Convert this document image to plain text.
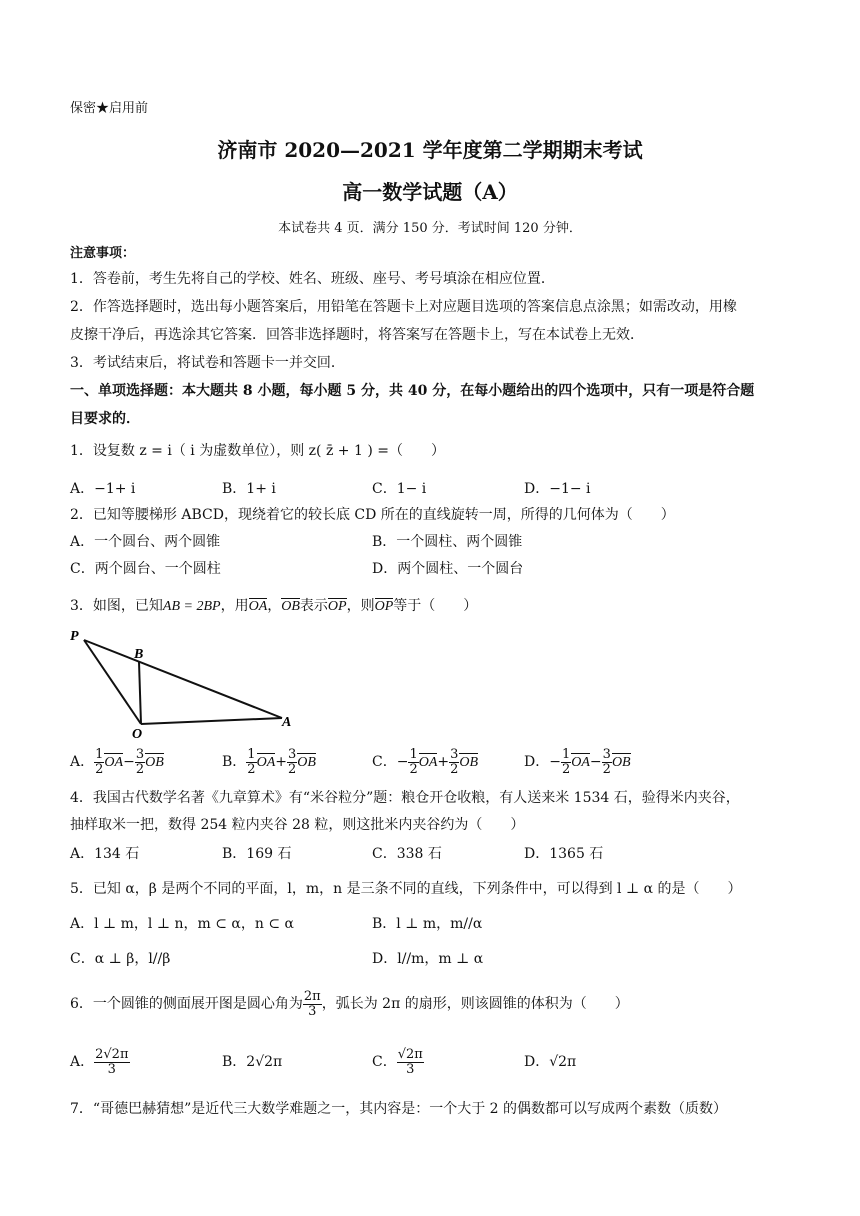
保密★启用前
济南市 2020—2021 学年度第二学期期末考试
高一数学试题（A）
本试卷共 4 页．满分 150 分．考试时间 120 分钟．
注意事项：
1．答卷前，考生先将自己的学校、姓名、班级、座号、考号填涂在相应位置．
2．作答选择题时，选出每小题答案后，用铅笔在答题卡上对应题目选项的答案信息点涂黑；如需改动，用橡
皮擦干净后，再选涂其它答案．回答非选择题时，将答案写在答题卡上，写在本试卷上无效．
3．考试结束后，将试卷和答题卡一并交回．
一、单项选择题：本大题共 8 小题，每小题 5 分，共 40 分，在每小题给出的四个选项中，只有一项是符合题
目要求的．
1．设复数 z = i（ i 为虚数单位），则 z( z̄ + 1 ) =（　　）
A．−1+ i	B．1+ i	C．1− i	D．−1− i
2．已知等腰梯形 ABCD，现绕着它的较长底 CD 所在的直线旋转一周，所得的几何体为（　　）
A．一个圆台、两个圆锥	B．一个圆柱、两个圆锥
C．两个圆台、一个圆柱	D．两个圆柱、一个圆台
3．如图，已知AB = 2BP，用OA，OB表示OP，则OP等于（　　）
P
B
O
A
A． $\frac{1}{2}$ OA − $\frac{3}{2}$ OB	B． $\frac{1}{2}$ OA + $\frac{3}{2}$ OB	C． − $\frac{1}{2}$ OA + $\frac{3}{2}$ OB	D． − $\frac{1}{2}$ OA − $\frac{3}{2}$ OB
4．我国古代数学名著《九章算术》有“米谷粒分”题：粮仓开仓收粮，有人送来米 1534 石，验得米内夹谷，
抽样取米一把，数得 254 粒内夹谷 28 粒，则这批米内夹谷约为（　　）
A．134 石	B．169 石	C．338 石	D．1365 石
5．已知 α，β 是两个不同的平面，l，m，n 是三条不同的直线，下列条件中，可以得到 l ⊥ α 的是（　　）
A．l ⊥ m，l ⊥ n，m ⊂ α，n ⊂ α	B．l ⊥ m，m//α
C．α ⊥ β，l//β	D．l//m，m ⊥ α
6．一个圆锥的侧面展开图是圆心角为 $\frac{2\pi}{3}$ ，弧长为 2π 的扇形，则该圆锥的体积为（　　）
A． $\frac{2√2\pi}{3}$	B．2√2π	C． $\frac{√2\pi}{3}$	D．√2π
7．“哥德巴赫猜想”是近代三大数学难题之一，其内容是：一个大于 2 的偶数都可以写成两个素数（质数）
